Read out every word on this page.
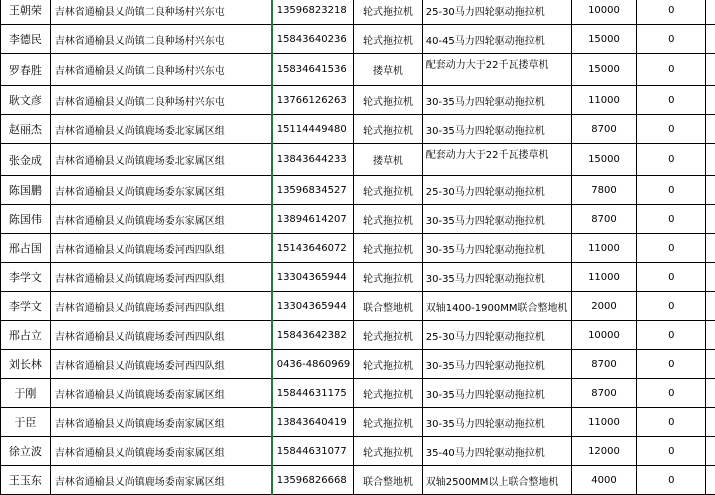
王朝荣	吉林省通榆县乂尚镇二良种场村兴东屯	13596823218	轮式拖拉机	25-30马力四轮驱动拖拉机	10000	0	
李德民	吉林省通榆县乂尚镇二良种场村兴东屯	15843640236	轮式拖拉机	40-45马力四轮驱动拖拉机	15000	0	
罗春胜	吉林省通榆县乂尚镇二良种场村兴东屯	15834641536	搂草机	配套动力大于22千瓦搂草机	15000	0	
耿文彦	吉林省通榆县乂尚镇二良种场村兴东屯	13766126263	轮式拖拉机	30-35马力四轮驱动拖拉机	11000	0	
赵丽杰	吉林省通榆县乂尚镇鹿场委北家属区组	15114449480	轮式拖拉机	30-35马力四轮驱动拖拉机	8700	0	
张金成	吉林省通榆县乂尚镇鹿场委北家属区组	13843644233	搂草机	配套动力大于22千瓦搂草机	15000	0	
陈国鹏	吉林省通榆县乂尚镇鹿场委东家属区组	13596834527	轮式拖拉机	25-30马力四轮驱动拖拉机	7800	0	
陈国伟	吉林省通榆县乂尚镇鹿场委东家属区组	13894614207	轮式拖拉机	30-35马力四轮驱动拖拉机	8700	0	
邢占国	吉林省通榆县乂尚镇鹿场委河西四队组	15143646072	轮式拖拉机	30-35马力四轮驱动拖拉机	11000	0	
李学文	吉林省通榆县乂尚镇鹿场委河西四队组	13304365944	轮式拖拉机	30-35马力四轮驱动拖拉机	11000	0	
李学文	吉林省通榆县乂尚镇鹿场委河西四队组	13304365944	联合整地机	双轴1400-1900MM联合整地机	2000	0	
邢占立	吉林省通榆县乂尚镇鹿场委河西四队组	15843642382	轮式拖拉机	25-30马力四轮驱动拖拉机	10000	0	
刘长林	吉林省通榆县乂尚镇鹿场委河西四队组	0436-4860969	轮式拖拉机	30-35马力四轮驱动拖拉机	8700	0	
于刚	吉林省通榆县乂尚镇鹿场委南家属区组	15844631175	轮式拖拉机	30-35马力四轮驱动拖拉机	8700	0	
于臣	吉林省通榆县乂尚镇鹿场委南家属区组	13843640419	轮式拖拉机	30-35马力四轮驱动拖拉机	11000	0	
徐立波	吉林省通榆县乂尚镇鹿场委南家属区组	15844631077	轮式拖拉机	35-40马力四轮驱动拖拉机	12000	0	
王玉东	吉林省通榆县乂尚镇鹿场委南家属区组	13596826668	联合整地机	双轴2500MM以上联合整地机	4000	0	
